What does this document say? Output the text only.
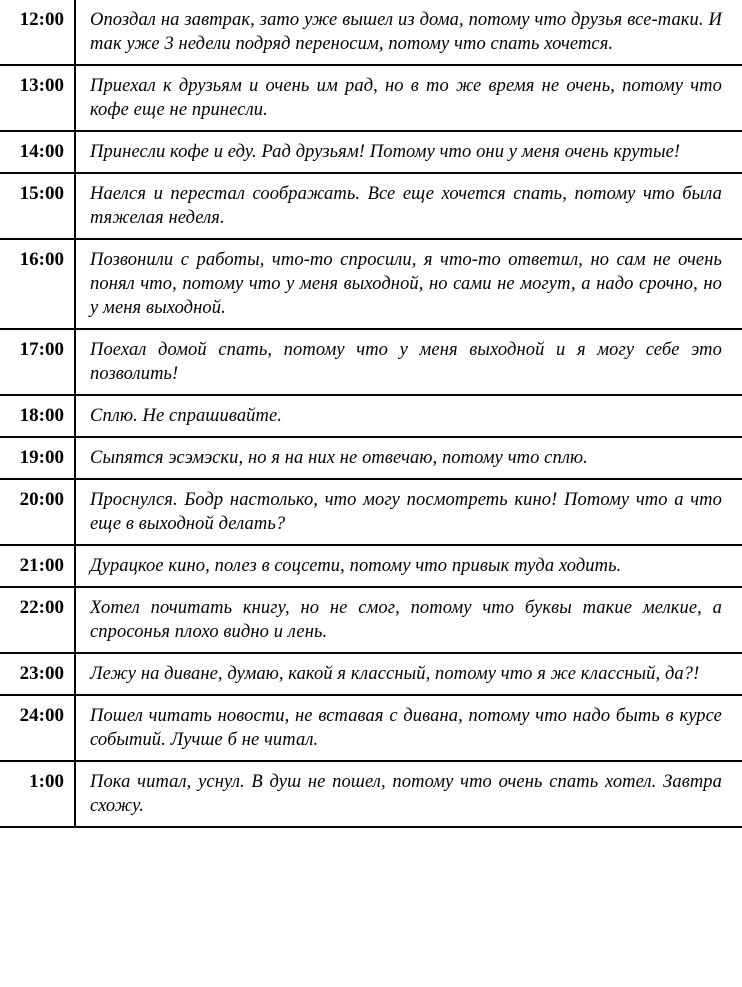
12:00	Опоздал на завтрак, зато уже вышел из дома, потому что друзья все-таки. И так уже 3 недели подряд переносим, потому что спать хочется.
13:00	Приехал к друзьям и очень им рад, но в то же время не очень, потому что кофе еще не принесли.
14:00	Принесли кофе и еду. Рад друзьям! Потому что они у меня очень крутые!
15:00	Наелся и перестал соображать. Все еще хочется спать, потому что была тяжелая неделя.
16:00	Позвонили с работы, что-то спросили, я что-то ответил, но сам не очень понял что, потому что у меня выходной, но сами не могут, а надо срочно, но у меня выходной.
17:00	Поехал домой спать, потому что у меня выходной и я могу себе это позволить!
18:00	Сплю. Не спрашивайте.
19:00	Сыпятся эсэмэски, но я на них не отвечаю, потому что сплю.
20:00	Проснулся. Бодр настолько, что могу посмотреть кино! Потому что а что еще в выходной делать?
21:00	Дурацкое кино, полез в соцсети, потому что привык туда ходить.
22:00	Хотел почитать книгу, но не смог, потому что буквы такие мелкие, а спросонья плохо видно и лень.
23:00	Лежу на диване, думаю, какой я классный, потому что я же классный, да?!
24:00	Пошел читать новости, не вставая с дивана, потому что надо быть в курсе событий. Лучше б не читал.
1:00	Пока читал, уснул. В душ не пошел, потому что очень спать хотел. Завтра схожу.
